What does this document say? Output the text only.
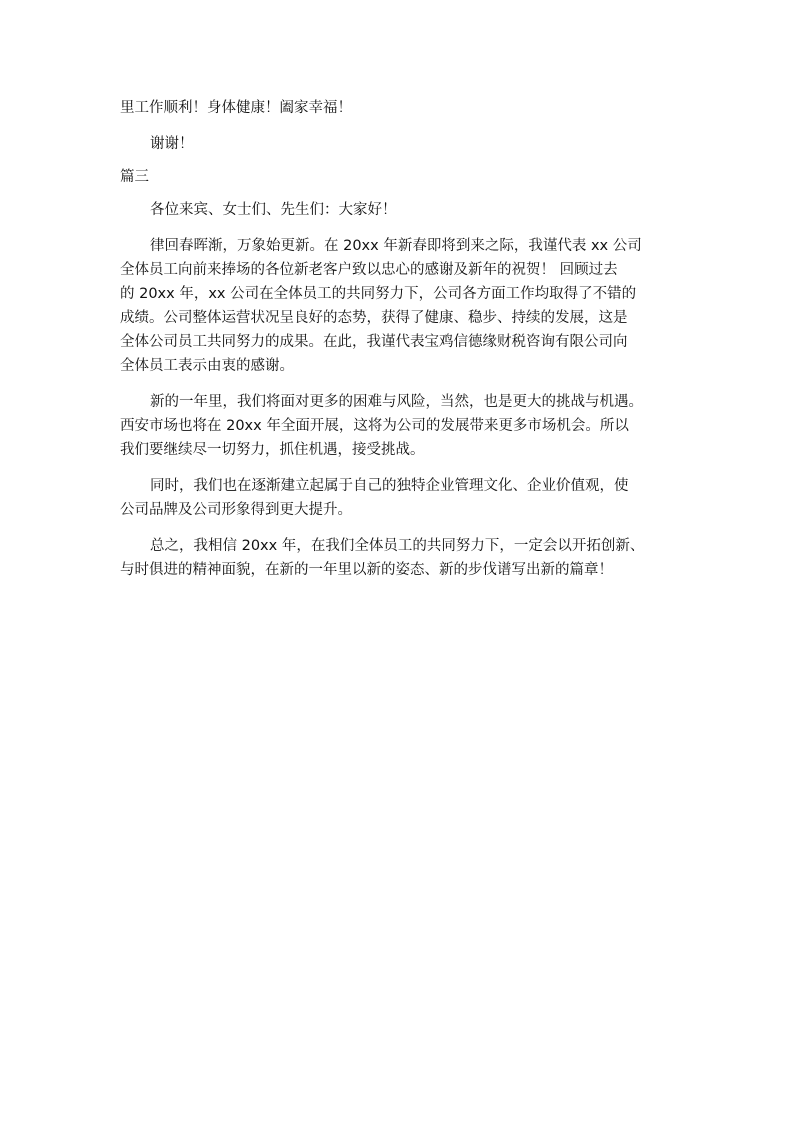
里工作顺利！身体健康！阖家幸福！

谢谢！

篇三

各位来宾、女士们、先生们：大家好！

律回春晖渐，万象始更新。在 20xx 年新春即将到来之际，我谨代表 xx 公司
全体员工向前来捧场的各位新老客户致以忠心的感谢及新年的祝贺！ 回顾过去
的 20xx 年，xx 公司在全体员工的共同努力下，公司各方面工作均取得了不错的
成绩。公司整体运营状况呈良好的态势，获得了健康、稳步、持续的发展，这是
全体公司员工共同努力的成果。在此，我谨代表宝鸡信德缘财税咨询有限公司向
全体员工表示由衷的感谢。
新的一年里，我们将面对更多的困难与风险，当然，也是更大的挑战与机遇。
西安市场也将在 20xx 年全面开展，这将为公司的发展带来更多市场机会。所以
我们要继续尽一切努力，抓住机遇，接受挑战。
同时，我们也在逐渐建立起属于自己的独特企业管理文化、企业价值观，使
公司品牌及公司形象得到更大提升。
总之，我相信 20xx 年，在我们全体员工的共同努力下，一定会以开拓创新、
与时俱进的精神面貌，在新的一年里以新的姿态、新的步伐谱写出新的篇章！
